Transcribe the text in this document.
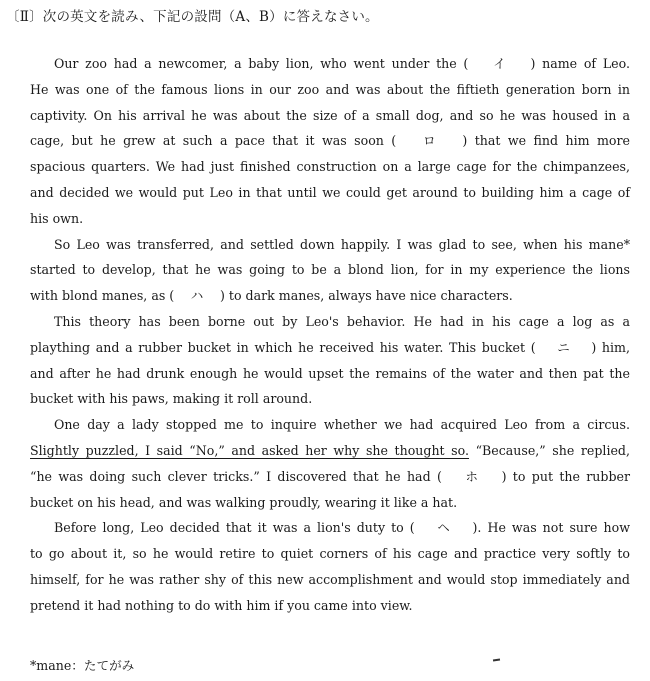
〔Ⅱ〕次の英文を読み、下記の設問（A、B）に答えなさい。
Our zoo had a newcomer, a baby lion, who went under the (　 イ　 ) name of Leo.
He was one of the famous lions in our zoo and was about the fiftieth generation born in
captivity. On his arrival he was about the size of a small dog, and so he was housed in a
cage, but he grew at such a pace that it was soon (　 ロ　 ) that we find him more
spacious quarters. We had just finished construction on a large cage for the chimpanzees,
and decided we would put Leo in that until we could get around to building him a cage of
his own.
So Leo was transferred, and settled down happily. I was glad to see, when his mane*
started to develop, that he was going to be a blond lion, for in my experience the lions
with blond manes, as (　 ハ　 ) to dark manes, always have nice characters.
This theory has been borne out by Leo's behavior. He had in his cage a log as a
plaything and a rubber bucket in which he received his water. This bucket (　 ニ　 ) him,
and after he had drunk enough he would upset the remains of the water and then pat the
bucket with his paws, making it roll around.
One day a lady stopped me to inquire whether we had acquired Leo from a circus.
Slightly puzzled, I said “No,” and asked her why she thought so. “Because,” she replied,
“he was doing such clever tricks.” I discovered that he had (　 ホ　 ) to put the rubber
bucket on his head, and was walking proudly, wearing it like a hat.
Before long, Leo decided that it was a lion's duty to (　 ヘ　 ). He was not sure how
to go about it, so he would retire to quiet corners of his cage and practice very softly to
himself, for he was rather shy of this new accomplishment and would stop immediately and
pretend it had nothing to do with him if you came into view.
*mane：たてがみ
